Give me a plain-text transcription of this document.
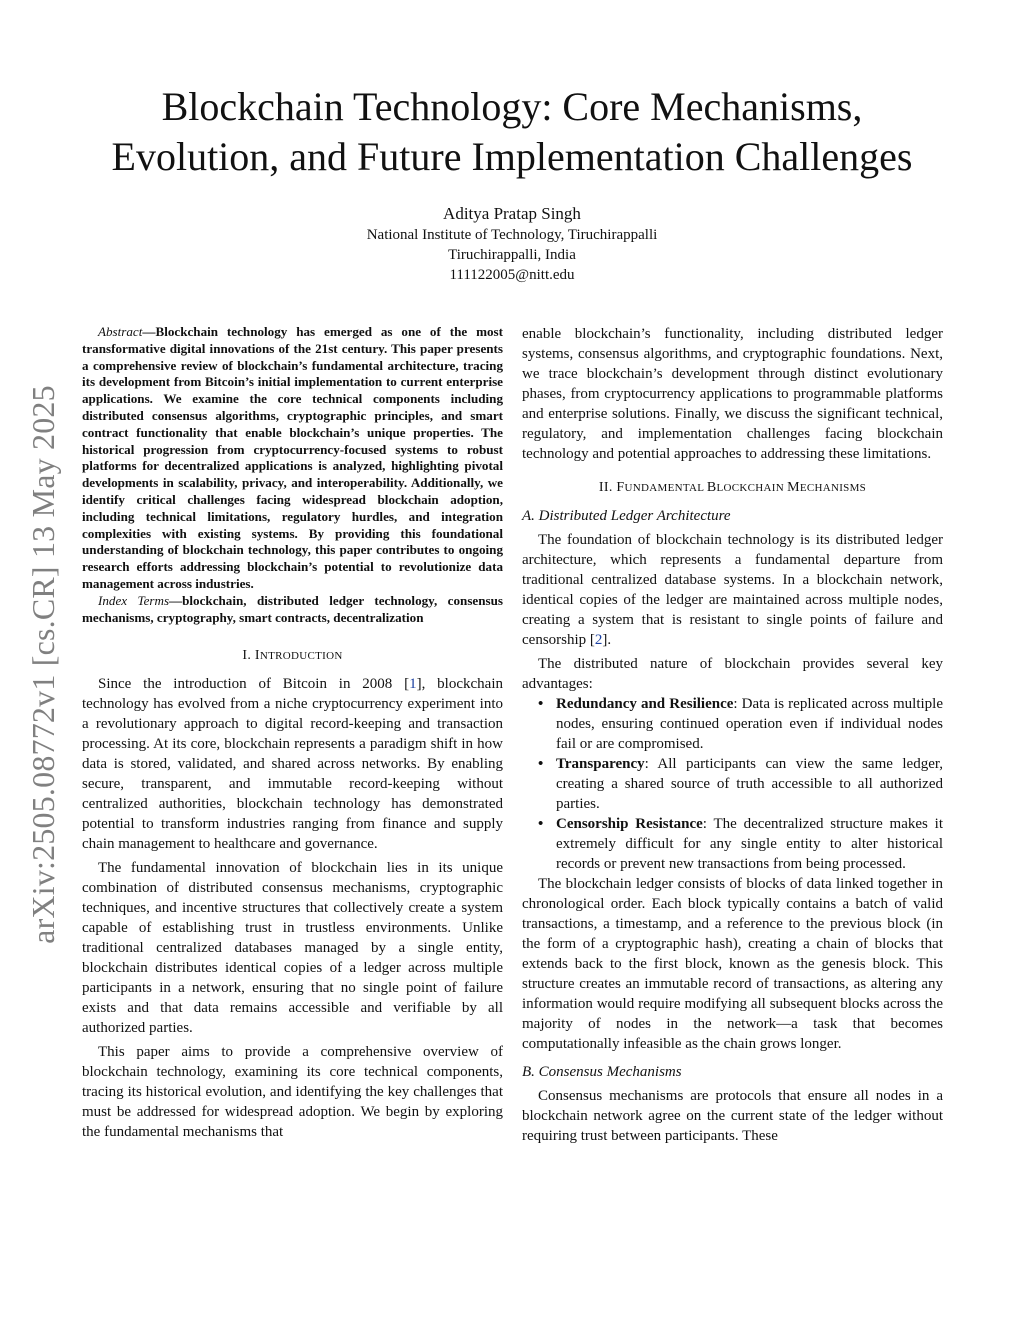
arXiv:2505.08772v1 [cs.CR] 13 May 2025
Blockchain Technology: Core Mechanisms,
Evolution, and Future Implementation Challenges
Aditya Pratap Singh
National Institute of Technology, Tiruchirappalli
Tiruchirappalli, India
111122005@nitt.edu

Abstract—Blockchain technology has emerged as one of the most transformative digital innovations of the 21st century. This paper presents a comprehensive review of blockchain’s fundamental architecture, tracing its development from Bitcoin’s initial implementation to current enterprise applications. We examine the core technical components including distributed consensus algorithms, cryptographic principles, and smart contract functionality that enable blockchain’s unique properties. The historical progression from cryptocurrency-focused systems to robust platforms for decentralized applications is analyzed, highlighting pivotal developments in scalability, privacy, and interoperability. Additionally, we identify critical challenges facing widespread blockchain adoption, including technical limitations, regulatory hurdles, and integration complexities with existing systems. By providing this foundational understanding of blockchain technology, this paper contributes to ongoing research efforts addressing blockchain’s potential to revolutionize data management across industries.

Index Terms—blockchain, distributed ledger technology, consensus mechanisms, cryptography, smart contracts, decentralization

I. INTRODUCTION

Since the introduction of Bitcoin in 2008 [1], blockchain technology has evolved from a niche cryptocurrency experiment into a revolutionary approach to digital record-keeping and transaction processing. At its core, blockchain represents a paradigm shift in how data is stored, validated, and shared across networks. By enabling secure, transparent, and immutable record-keeping without centralized authorities, blockchain technology has demonstrated potential to transform industries ranging from finance and supply chain management to healthcare and governance.

The fundamental innovation of blockchain lies in its unique combination of distributed consensus mechanisms, cryptographic techniques, and incentive structures that collectively create a system capable of establishing trust in trustless environments. Unlike traditional centralized databases managed by a single entity, blockchain distributes identical copies of a ledger across multiple participants in a network, ensuring that no single point of failure exists and that data remains accessible and verifiable by all authorized parties.

This paper aims to provide a comprehensive overview of blockchain technology, examining its core technical components, tracing its historical evolution, and identifying the key challenges that must be addressed for widespread adoption. We begin by exploring the fundamental mechanisms that

enable blockchain’s functionality, including distributed ledger systems, consensus algorithms, and cryptographic foundations. Next, we trace blockchain’s development through distinct evolutionary phases, from cryptocurrency applications to programmable platforms and enterprise solutions. Finally, we discuss the significant technical, regulatory, and implementation challenges facing blockchain technology and potential approaches to addressing these limitations.

II. FUNDAMENTAL BLOCKCHAIN MECHANISMS
A. Distributed Ledger Architecture

The foundation of blockchain technology is its distributed ledger architecture, which represents a fundamental departure from traditional centralized database systems. In a blockchain network, identical copies of the ledger are maintained across multiple nodes, creating a system that is resistant to single points of failure and censorship [2].

The distributed nature of blockchain provides several key advantages:

• Redundancy and Resilience: Data is replicated across multiple nodes, ensuring continued operation even if individual nodes fail or are compromised.
• Transparency: All participants can view the same ledger, creating a shared source of truth accessible to all authorized parties.
• Censorship Resistance: The decentralized structure makes it extremely difficult for any single entity to alter historical records or prevent new transactions from being processed.

The blockchain ledger consists of blocks of data linked together in chronological order. Each block typically contains a batch of valid transactions, a timestamp, and a reference to the previous block (in the form of a cryptographic hash), creating a chain of blocks that extends back to the first block, known as the genesis block. This structure creates an immutable record of transactions, as altering any information would require modifying all subsequent blocks across the majority of nodes in the network—a task that becomes computationally infeasible as the chain grows longer.

B. Consensus Mechanisms

Consensus mechanisms are protocols that ensure all nodes in a blockchain network agree on the current state of the ledger without requiring trust between participants. These
